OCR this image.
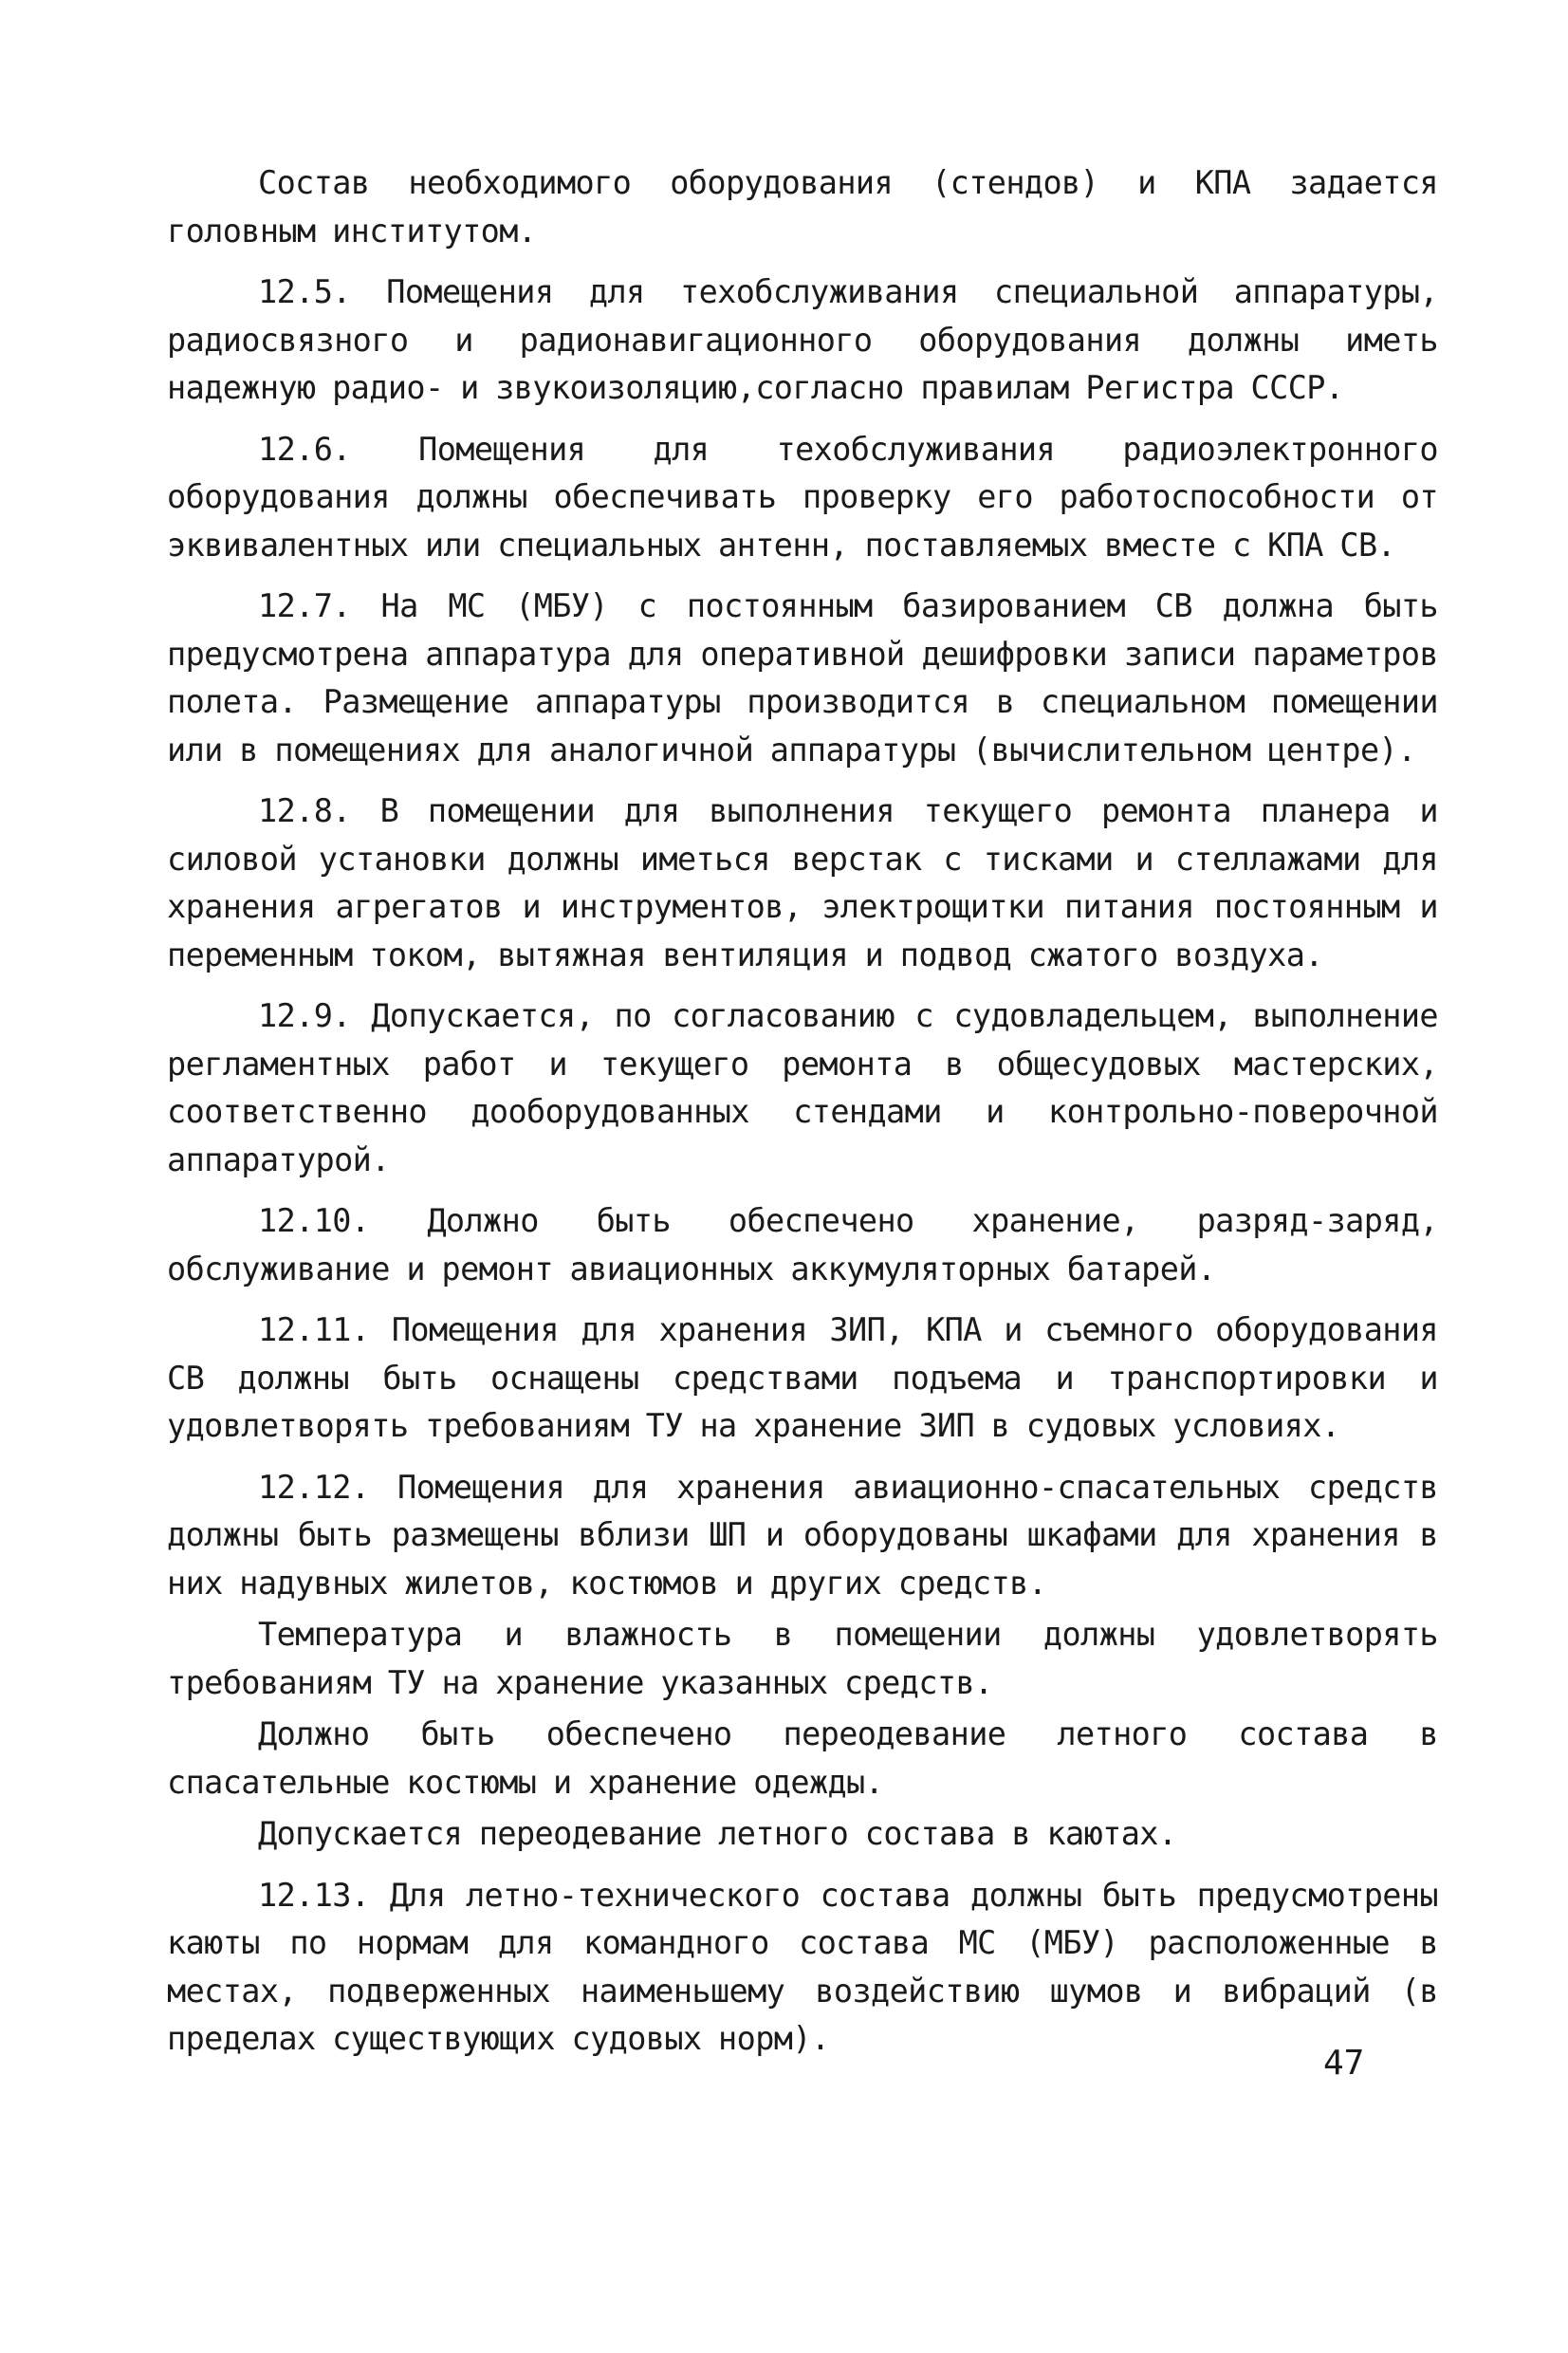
Состав необходимого оборудования (стендов) и КПА задается головным институтом.

12.5. Помещения для техобслуживания специальной аппаратуры, радиосвязного и радионавигационного оборудования должны иметь надежную радио- и звукоизоляцию,согласно правилам Регистра СССР.

12.6. Помещения для техобслуживания радиоэлектронного оборудования должны обеспечивать проверку его работоспособности от эквивалентных или специальных антенн, поставляемых вместе с КПА СВ.

12.7. На МС (МБУ) с постоянным базированием СВ должна быть предусмотрена аппаратура для оперативной дешифровки записи параметров полета. Размещение аппаратуры производится в специальном помещении или в помещениях для аналогичной аппаратуры (вычислительном центре).

12.8. В помещении для выполнения текущего ремонта планера и силовой установки должны иметься верстак с тисками и стеллажами для хранения агрегатов и инструментов, электрощитки питания постоянным и переменным током, вытяжная вентиляция и подвод сжатого воздуха.

12.9. Допускается, по согласованию с судовладельцем, выполнение регламентных работ и текущего ремонта в общесудовых мастерских, соответственно дооборудованных стендами и контрольно-поверочной аппаратурой.

12.10. Должно быть обеспечено хранение, разряд-заряд, обслуживание и ремонт авиационных аккумуляторных батарей.

12.11. Помещения для хранения ЗИП, КПА и съемного оборудования СВ должны быть оснащены средствами подъема и транспортировки и удовлетворять требованиям ТУ на хранение ЗИП в судовых условиях.

12.12. Помещения для хранения авиационно-спасательных средств должны быть размещены вблизи ШП и оборудованы шкафами для хранения в них надувных жилетов, костюмов и других средств.

Температура и влажность в помещении должны удовлетворять требованиям ТУ на хранение указанных средств.

Должно быть обеспечено переодевание летного состава в спасательные костюмы и хранение одежды.

Допускается переодевание летного состава в каютах.

12.13. Для летно-технического состава должны быть предусмотрены каюты по нормам для командного состава МС (МБУ) расположенные в местах, подверженных наименьшему воздействию шумов и вибраций (в пределах существующих судовых норм).

47
